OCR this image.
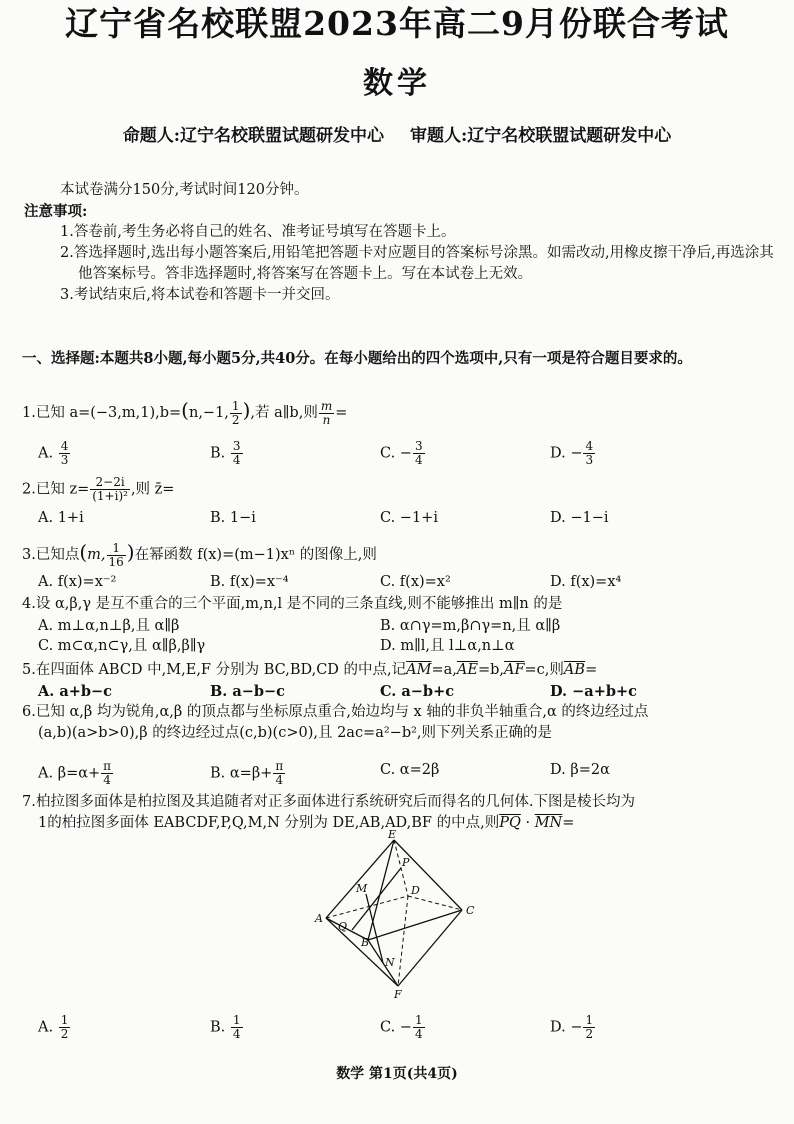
辽宁省名校联盟2023年高二9月份联合考试
数学
命题人:辽宁名校联盟试题研发中心 审题人:辽宁名校联盟试题研发中心
本试卷满分150分,考试时间120分钟。
注意事项:
1.答卷前,考生务必将自己的姓名、准考证号填写在答题卡上。
2.答选择题时,选出每小题答案后,用铅笔把答题卡对应题目的答案标号涂黑。如需改动,用橡皮擦干净后,再选涂其他答案标号。答非选择题时,将答案写在答题卡上。写在本试卷上无效。
3.考试结束后,将本试卷和答题卡一并交回。
一、选择题:本题共8小题,每小题5分,共40分。在每小题给出的四个选项中,只有一项是符合题目要求的。
1.已知 a=(−3,m,1),b=(n,−1, $\frac{1}{2}$ ),若 a∥b,则 $\frac{m}{n}$ =
A. $\frac{4}{3}$	B. $\frac{3}{4}$	C. − $\frac{3}{4}$	D. − $\frac{4}{3}$
2.已知 $z= \frac{2-2i}{\text{(1+i)²}}$ ,则 z̄=
A. 1+i	B. 1−i	C. −1+i	D. −1−i
3.已知点(m, $\frac{1}{16}$ )在幂函数 f(x)=(m−1)xⁿ 的图像上,则
A. f(x)=x⁻²	B. f(x)=x⁻⁴	C. f(x)=x²	D. f(x)=x⁴
4.设 α,β,γ 是互不重合的三个平面,m,n,l 是不同的三条直线,则不能够推出 m∥n 的是
A. m⊥α,n⊥β,且 α∥β	B. α∩γ=m,β∩γ=n,且 α∥β
C. m⊂α,n⊂γ,且 α∥β,β∥γ	D. m∥l,且 l⊥α,n⊥α
5.在四面体 ABCD 中,M,E,F 分别为 BC,BD,CD 的中点,记$\overline{AM}=a,\overline{AE}=b,\overline{AF}=c$,则$\overline{AB}=$
A. a+b−c	B. a−b−c	C. a−b+c	D. −a+b+c
6.已知 α,β 均为锐角,α,β 的顶点都与坐标原点重合,始边均与 x 轴的非负半轴重合,α 的终边经过点
(a,b)(a>b>0),β 的终边经过点(c,b)(c>0),且 2ac=a²−b²,则下列关系正确的是
A. $\beta=\alpha+ \frac{\pi}{4}$	B. $\alpha=\beta+ \frac{\pi}{4}$	C. α=2β	D. β=2α
7.柏拉图多面体是柏拉图及其追随者对正多面体进行系统研究后而得名的几何体.下图是棱长均为
1的柏拉图多面体 EABCDF,P,Q,M,N 分别为 DE,AB,AD,BF 的中点,则$\overline{PQ} \cdot \overline{MN}=$
E
P
M	D
A
Q
B
C
N
F
A. $\frac{1}{2}$	B. $\frac{1}{4}$	C. − $\frac{1}{4}$	D. − $\frac{1}{2}$
数学 第1页(共4页)
